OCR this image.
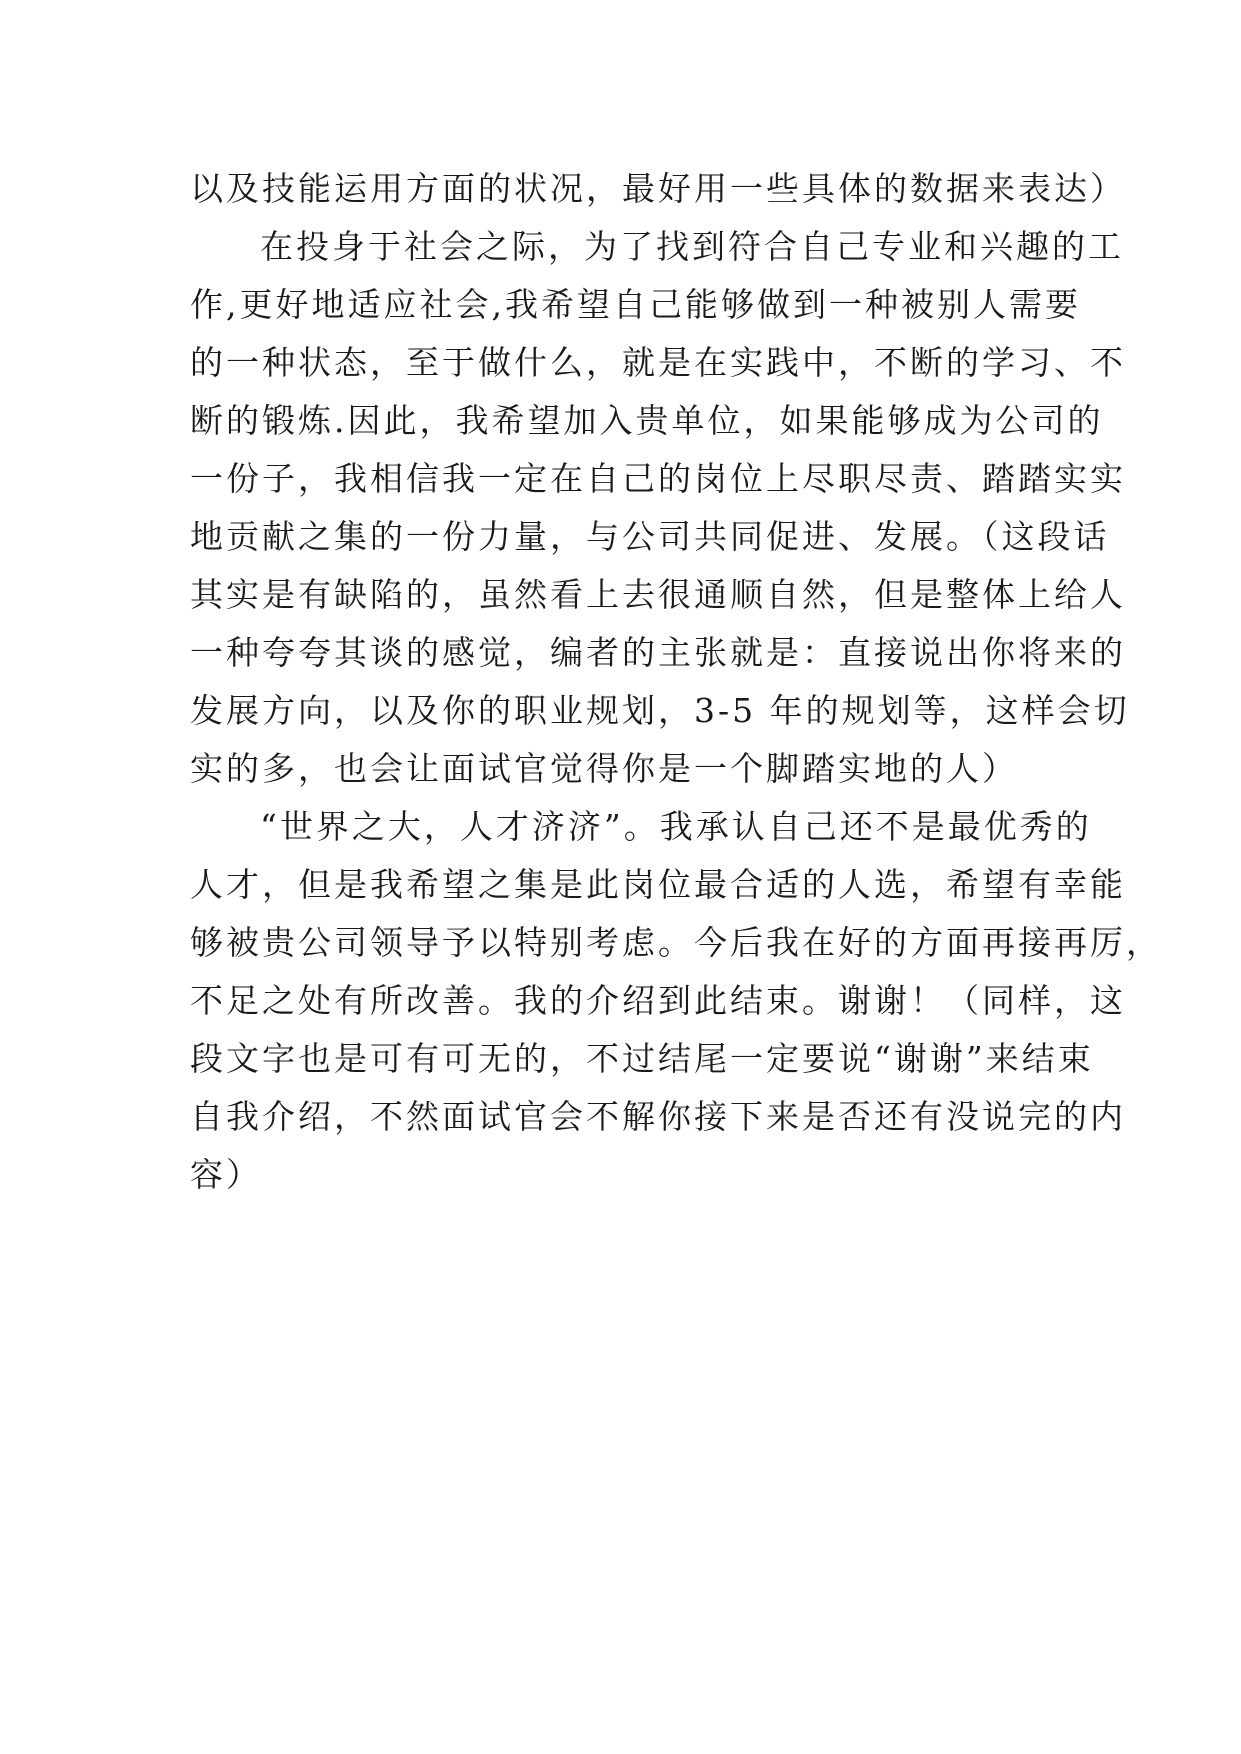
以及技能运用方面的状况，最好用一些具体的数据来表达）
在投身于社会之际，为了找到符合自己专业和兴趣的工
作,更好地适应社会,我希望自己能够做到一种被别人需要
的一种状态，至于做什么，就是在实践中，不断的学习、不
断的锻炼.因此，我希望加入贵单位，如果能够成为公司的
一份子，我相信我一定在自己的岗位上尽职尽责、踏踏实实
地贡献之集的一份力量，与公司共同促进、发展。（这段话
其实是有缺陷的，虽然看上去很通顺自然，但是整体上给人
一种夸夸其谈的感觉，编者的主张就是：直接说出你将来的
发展方向，以及你的职业规划，3-5 年的规划等，这样会切
实的多，也会让面试官觉得你是一个脚踏实地的人）
“世界之大，人才济济”。我承认自己还不是最优秀的
人才，但是我希望之集是此岗位最合适的人选，希望有幸能
够被贵公司领导予以特别考虑。今后我在好的方面再接再厉，
不足之处有所改善。我的介绍到此结束。谢谢！（同样，这
段文字也是可有可无的，不过结尾一定要说“谢谢”来结束
自我介绍，不然面试官会不解你接下来是否还有没说完的内
容）
